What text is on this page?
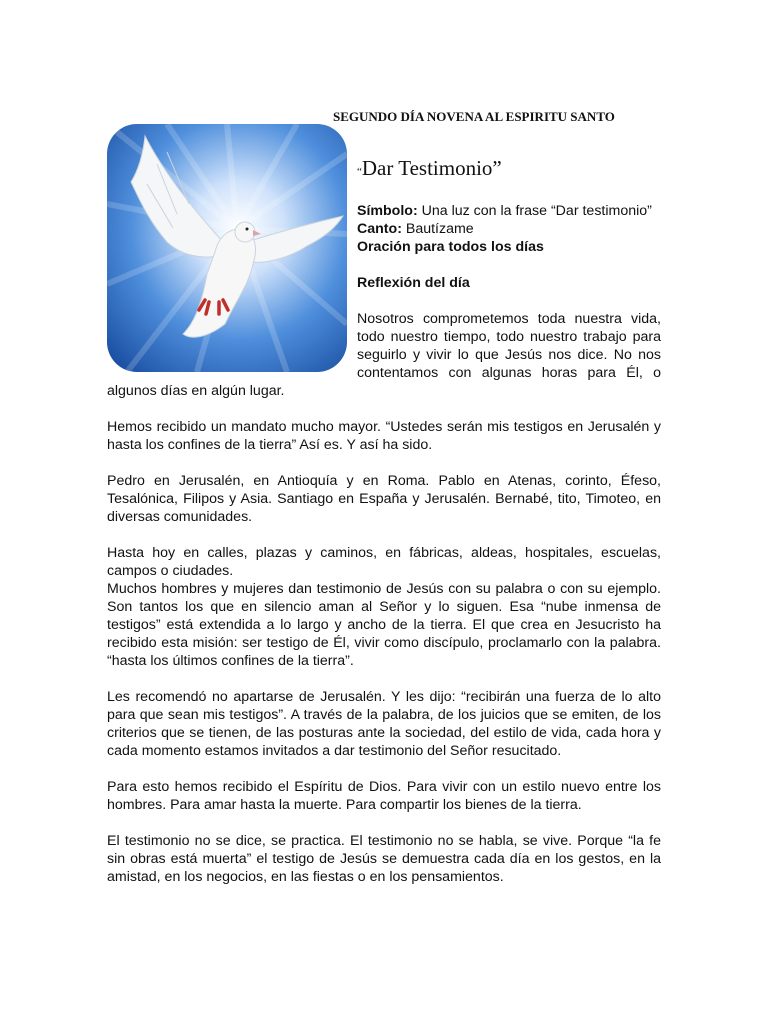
SEGUNDO DÍA NOVENA AL ESPIRITU SANTO
“Dar Testimonio”

Símbolo: Una luz con la frase “Dar testimonio”

Canto: Bautízame

Oración para todos los días

Reflexión del día

Nosotros comprometemos toda nuestra vida, todo nuestro tiempo, todo nuestro trabajo para seguirlo y vivir lo que Jesús nos dice. No nos contentamos con algunas horas para Él, o algunos días en algún lugar.

Hemos recibido un mandato mucho mayor. “Ustedes serán mis testigos en Jerusalén y hasta los confines de la tierra” Así es. Y así ha sido.

Pedro en Jerusalén, en Antioquía y en Roma. Pablo en Atenas, corinto, Éfeso, Tesalónica, Filipos y Asia. Santiago en España y Jerusalén. Bernabé, tito, Timoteo, en diversas comunidades.

Hasta hoy en calles, plazas y caminos, en fábricas, aldeas, hospitales, escuelas, campos o ciudades.

Muchos hombres y mujeres dan testimonio de Jesús con su palabra o con su ejemplo. Son tantos los que en silencio aman al Señor y lo siguen. Esa “nube inmensa de testigos” está extendida a lo largo y ancho de la tierra. El que crea en Jesucristo ha recibido esta misión: ser testigo de Él, vivir como discípulo, proclamarlo con la palabra. “hasta los últimos confines de la tierra”.

Les recomendó no apartarse de Jerusalén. Y les dijo: “recibirán una fuerza de lo alto para que sean mis testigos”. A través de la palabra, de los juicios que se emiten, de los criterios que se tienen, de las posturas ante la sociedad, del estilo de vida, cada hora y cada momento estamos invitados a dar testimonio del Señor resucitado.

Para esto hemos recibido el Espíritu de Dios. Para vivir con un estilo nuevo entre los hombres. Para amar hasta la muerte. Para compartir los bienes de la tierra.

El testimonio no se dice, se practica. El testimonio no se habla, se vive. Porque “la fe sin obras está muerta” el testigo de Jesús se demuestra cada día en los gestos, en la amistad, en los negocios, en las fiestas o en los pensamientos.
